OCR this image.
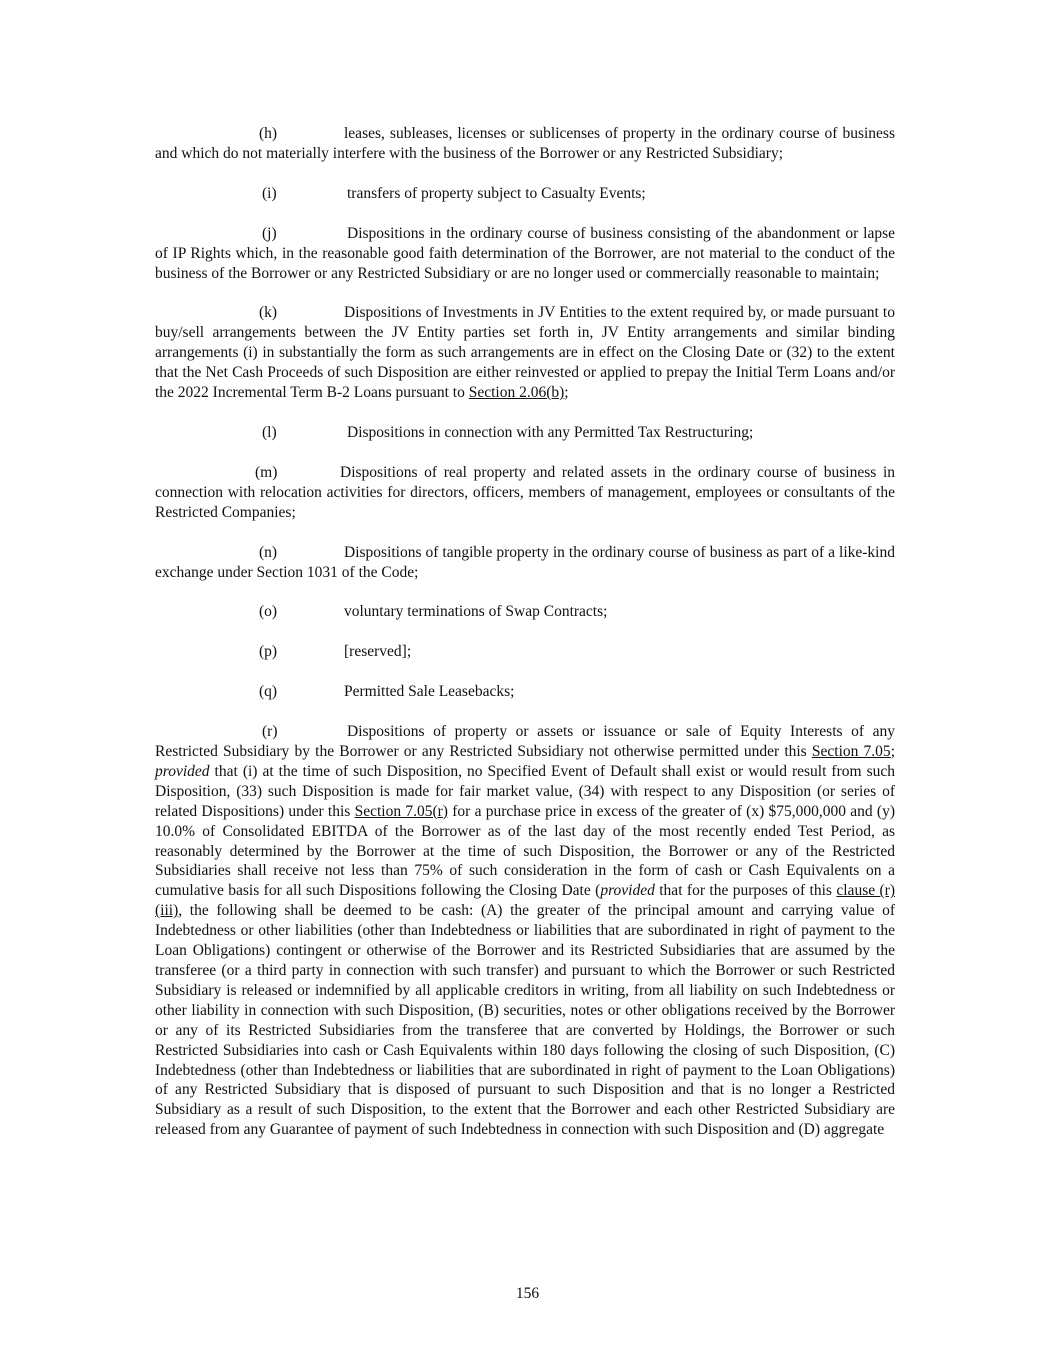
(h)	leases, subleases, licenses or sublicenses of property in the ordinary course of business and which do not materially interfere with the business of the Borrower or any Restricted Subsidiary;

(i)	transfers of property subject to Casualty Events;

(j)	Dispositions in the ordinary course of business consisting of the abandonment or lapse of IP Rights which, in the reasonable good faith determination of the Borrower, are not material to the conduct of the business of the Borrower or any Restricted Subsidiary or are no longer used or commercially reasonable to maintain;

(k)	Dispositions of Investments in JV Entities to the extent required by, or made pursuant to buy/sell arrangements between the JV Entity parties set forth in, JV Entity arrangements and similar binding arrangements (i) in substantially the form as such arrangements are in effect on the Closing Date or (32) to the extent that the Net Cash Proceeds of such Disposition are either reinvested or applied to prepay the Initial Term Loans and/or the 2022 Incremental Term B-2 Loans pursuant to Section 2.06(b);

(l)	Dispositions in connection with any Permitted Tax Restructuring;

(m)	Dispositions of real property and related assets in the ordinary course of business in connection with relocation activities for directors, officers, members of management, employees or consultants of the Restricted Companies;

(n)	Dispositions of tangible property in the ordinary course of business as part of a like-kind exchange under Section 1031 of the Code;

(o)	voluntary terminations of Swap Contracts;

(p)	[reserved];

(q)	Permitted Sale Leasebacks;

(r)	Dispositions of property or assets or issuance or sale of Equity Interests of any Restricted Subsidiary by the Borrower or any Restricted Subsidiary not otherwise permitted under this Section 7.05; provided that (i) at the time of such Disposition, no Specified Event of Default shall exist or would result from such Disposition, (33) such Disposition is made for fair market value, (34) with respect to any Disposition (or series of related Dispositions) under this Section 7.05(r) for a purchase price in excess of the greater of (x) $75,000,000 and (y) 10.0% of Consolidated EBITDA of the Borrower as of the last day of the most recently ended Test Period, as reasonably determined by the Borrower at the time of such Disposition, the Borrower or any of the Restricted Subsidiaries shall receive not less than 75% of such consideration in the form of cash or Cash Equivalents on a cumulative basis for all such Dispositions following the Closing Date (provided that for the purposes of this clause (r)(iii), the following shall be deemed to be cash: (A) the greater of the principal amount and carrying value of Indebtedness or other liabilities (other than Indebtedness or liabilities that are subordinated in right of payment to the Loan Obligations) contingent or otherwise of the Borrower and its Restricted Subsidiaries that are assumed by the transferee (or a third party in connection with such transfer) and pursuant to which the Borrower or such Restricted Subsidiary is released or indemnified by all applicable creditors in writing, from all liability on such Indebtedness or other liability in connection with such Disposition, (B) securities, notes or other obligations received by the Borrower or any of its Restricted Subsidiaries from the transferee that are converted by Holdings, the Borrower or such Restricted Subsidiaries into cash or Cash Equivalents within 180 days following the closing of such Disposition, (C) Indebtedness (other than Indebtedness or liabilities that are subordinated in right of payment to the Loan Obligations) of any Restricted Subsidiary that is disposed of pursuant to such Disposition and that is no longer a Restricted Subsidiary as a result of such Disposition, to the extent that the Borrower and each other Restricted Subsidiary are released from any Guarantee of payment of such Indebtedness in connection with such Disposition and (D) aggregate

156
